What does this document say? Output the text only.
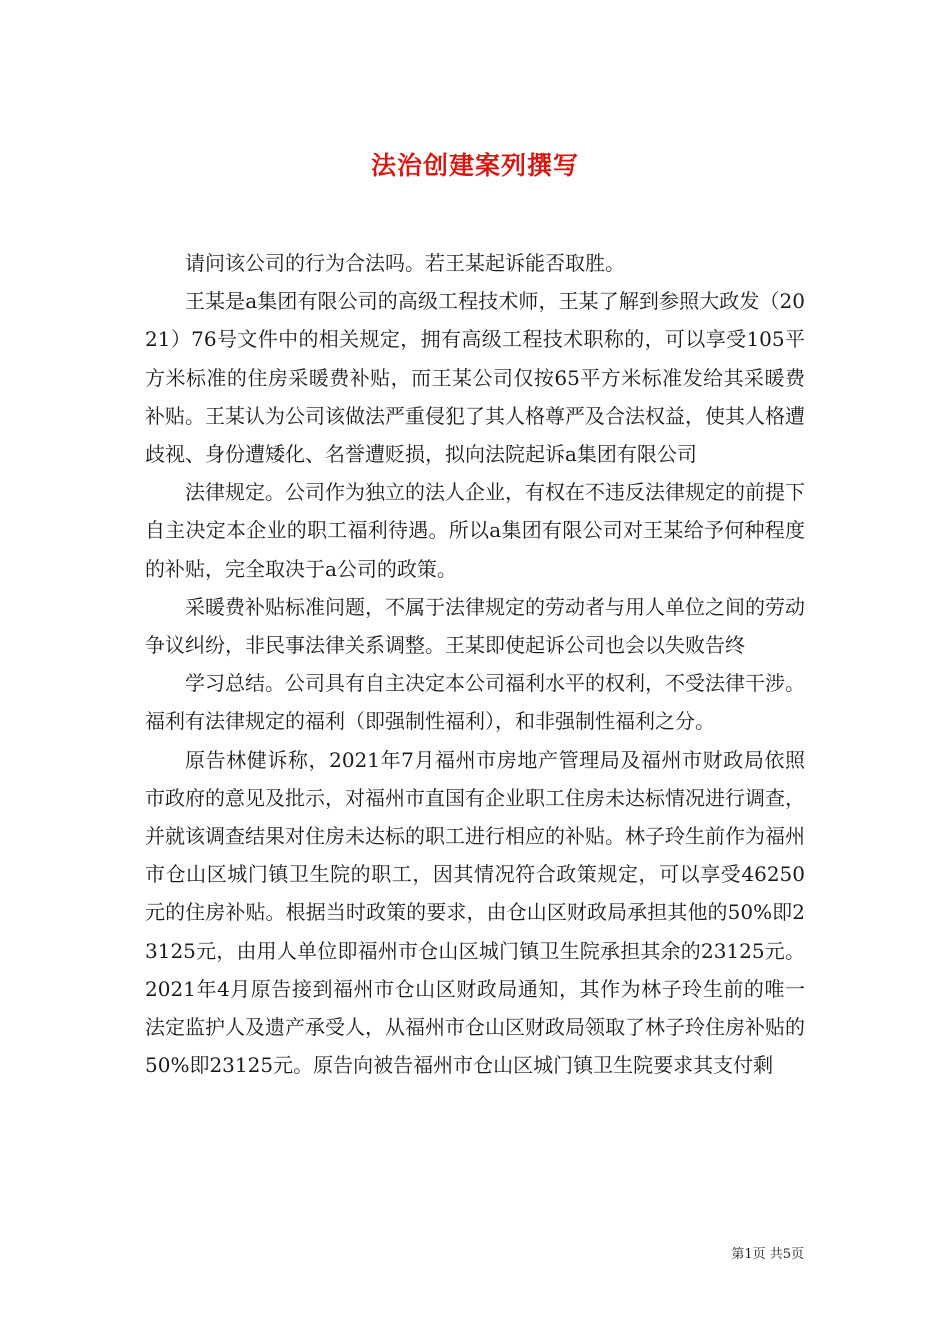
法治创建案列撰写

请问该公司的行为合法吗。若王某起诉能否取胜。

王某是a集团有限公司的高级工程技术师，王某了解到参照大政发（2021）76号文件中的相关规定，拥有高级工程技术职称的，可以享受105平方米标准的住房采暖费补贴，而王某公司仅按65平方米标准发给其采暖费补贴。王某认为公司该做法严重侵犯了其人格尊严及合法权益，使其人格遭歧视、身份遭矮化、名誉遭贬损，拟向法院起诉a集团有限公司

法律规定。公司作为独立的法人企业，有权在不违反法律规定的前提下自主决定本企业的职工福利待遇。所以a集团有限公司对王某给予何种程度的补贴，完全取决于a公司的政策。

采暖费补贴标准问题，不属于法律规定的劳动者与用人单位之间的劳动争议纠纷，非民事法律关系调整。王某即使起诉公司也会以失败告终

学习总结。公司具有自主决定本公司福利水平的权利，不受法律干涉。福利有法律规定的福利（即强制性福利），和非强制性福利之分。

原告林健诉称，2021年7月福州市房地产管理局及福州市财政局依照市政府的意见及批示，对福州市直国有企业职工住房未达标情况进行调查，并就该调查结果对住房未达标的职工进行相应的补贴。林子玲生前作为福州市仓山区城门镇卫生院的职工，因其情况符合政策规定，可以享受46250元的住房补贴。根据当时政策的要求，由仓山区财政局承担其他的50%即23125元，由用人单位即福州市仓山区城门镇卫生院承担其余的23125元。2021年4月原告接到福州市仓山区财政局通知，其作为林子玲生前的唯一法定监护人及遗产承受人，从福州市仓山区财政局领取了林子玲住房补贴的50%即23125元。原告向被告福州市仓山区城门镇卫生院要求其支付剩

第1页 共5页
